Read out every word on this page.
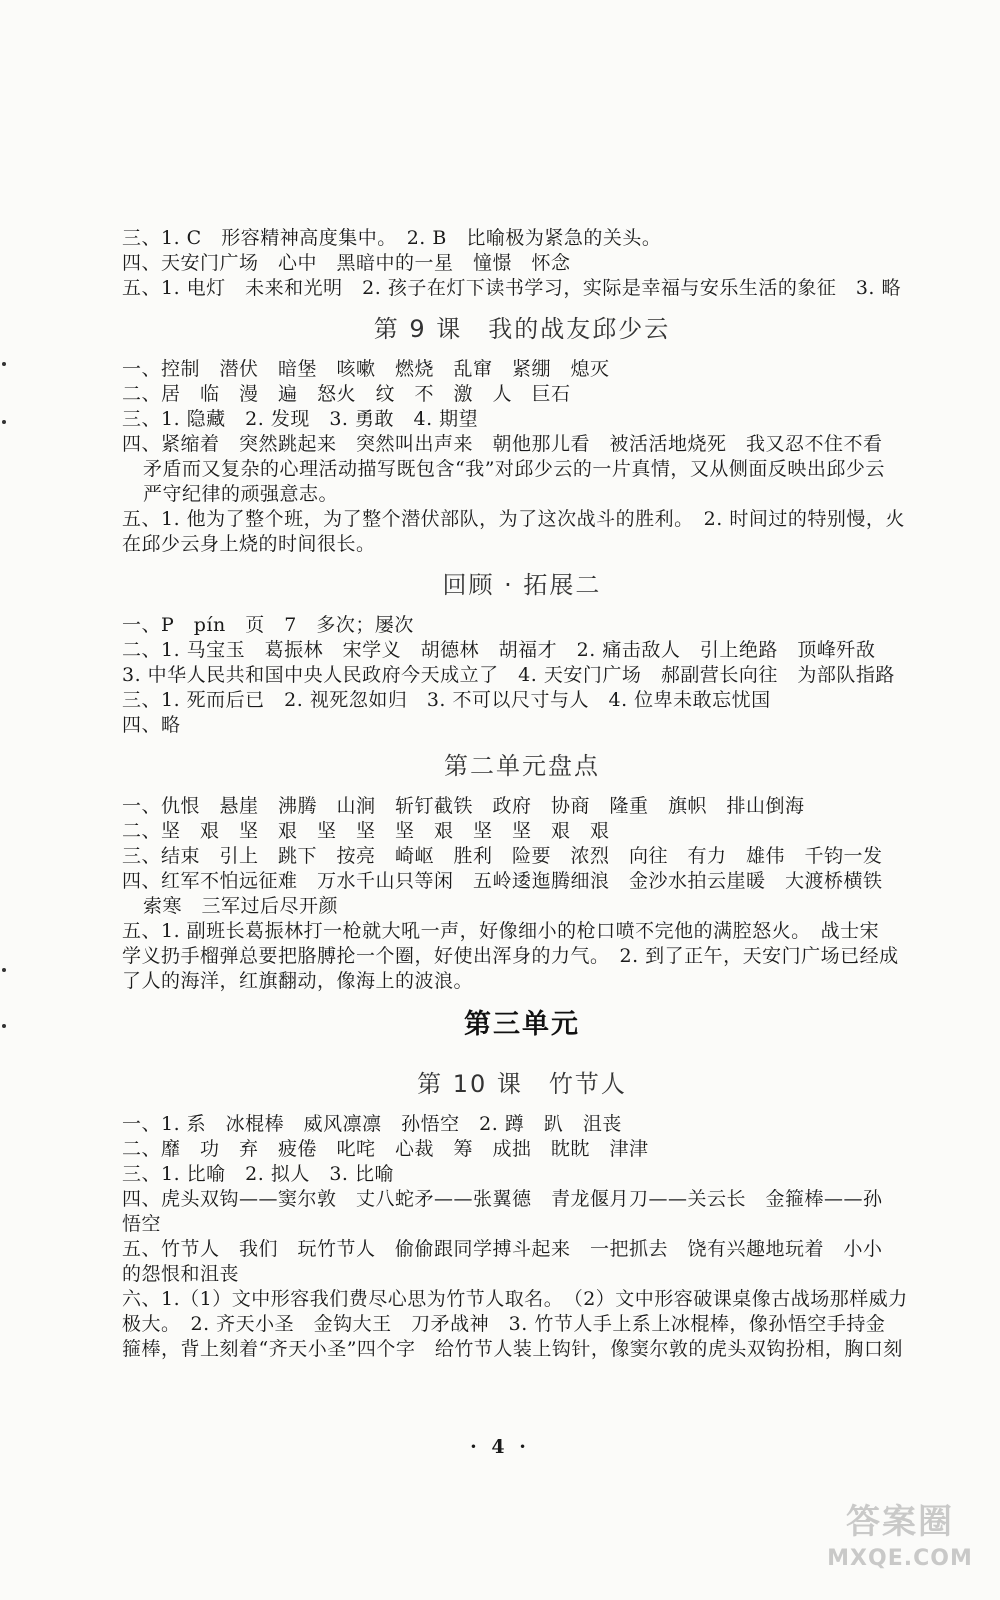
三、1. C　形容精神高度集中。　2. B　比喻极为紧急的关头。
四、天安门广场　心中　黑暗中的一星　憧憬　怀念
五、1. 电灯　未来和光明　2. 孩子在灯下读书学习，实际是幸福与安乐生活的象征　3. 略
第 9 课　我的战友邱少云
一、控制　潜伏　暗堡　咳嗽　燃烧　乱窜　紧绷　熄灭
二、居　临　漫　遍　怒火　纹　不　激　人　巨石
三、1. 隐藏　2. 发现　3. 勇敢　4. 期望
四、紧缩着　突然跳起来　突然叫出声来　朝他那儿看　被活活地烧死　我又忍不住不看
矛盾而又复杂的心理活动描写既包含“我”对邱少云的一片真情，又从侧面反映出邱少云
严守纪律的顽强意志。
五、1. 他为了整个班，为了整个潜伏部队，为了这次战斗的胜利。　2. 时间过的特别慢，火
在邱少云身上烧的时间很长。
回顾 · 拓展二
一、P　pín　页　7　多次；屡次
二、1. 马宝玉　葛振林　宋学义　胡德林　胡福才　2. 痛击敌人　引上绝路　顶峰歼敌
3. 中华人民共和国中央人民政府今天成立了　4. 天安门广场　郝副营长向往　为部队指路
三、1. 死而后已　2. 视死忽如归　3. 不可以尺寸与人　4. 位卑未敢忘忧国
四、略
第二单元盘点
一、仇恨　悬崖　沸腾　山涧　斩钉截铁　政府　协商　隆重　旗帜　排山倒海
二、坚　艰　坚　艰　坚　坚　坚　艰　坚　坚　艰　艰
三、结束　引上　跳下　按亮　崎岖　胜利　险要　浓烈　向往　有力　雄伟　千钧一发
四、红军不怕远征难　万水千山只等闲　五岭逶迤腾细浪　金沙水拍云崖暖　大渡桥横铁
索寒　三军过后尽开颜
五、1. 副班长葛振林打一枪就大吼一声，好像细小的枪口喷不完他的满腔怒火。　战士宋
学义扔手榴弹总要把胳膊抡一个圈，好使出浑身的力气。　2. 到了正午，天安门广场已经成
了人的海洋，红旗翻动，像海上的波浪。
第三单元
第 10 课　竹节人
一、1. 系　冰棍棒　威风凛凛　孙悟空　2. 蹲　趴　沮丧
二、靡　功　弃　疲倦　叱咤　心裁　筹　成拙　眈眈　津津
三、1. 比喻　2. 拟人　3. 比喻
四、虎头双钩——窦尔敦　丈八蛇矛——张翼德　青龙偃月刀——关云长　金箍棒——孙
悟空
五、竹节人　我们　玩竹节人　偷偷跟同学搏斗起来　一把抓去　饶有兴趣地玩着　小小
的怨恨和沮丧
六、1.（1）文中形容我们费尽心思为竹节人取名。　（2）文中形容破课桌像古战场那样威力
极大。　2. 齐天小圣　金钩大王　刀矛战神　3. 竹节人手上系上冰棍棒，像孙悟空手持金
箍棒，背上刻着“齐天小圣”四个字　给竹节人装上钩针，像窦尔敦的虎头双钩扮相，胸口刻
· 4 ·
答案圈
MXQE.COM
